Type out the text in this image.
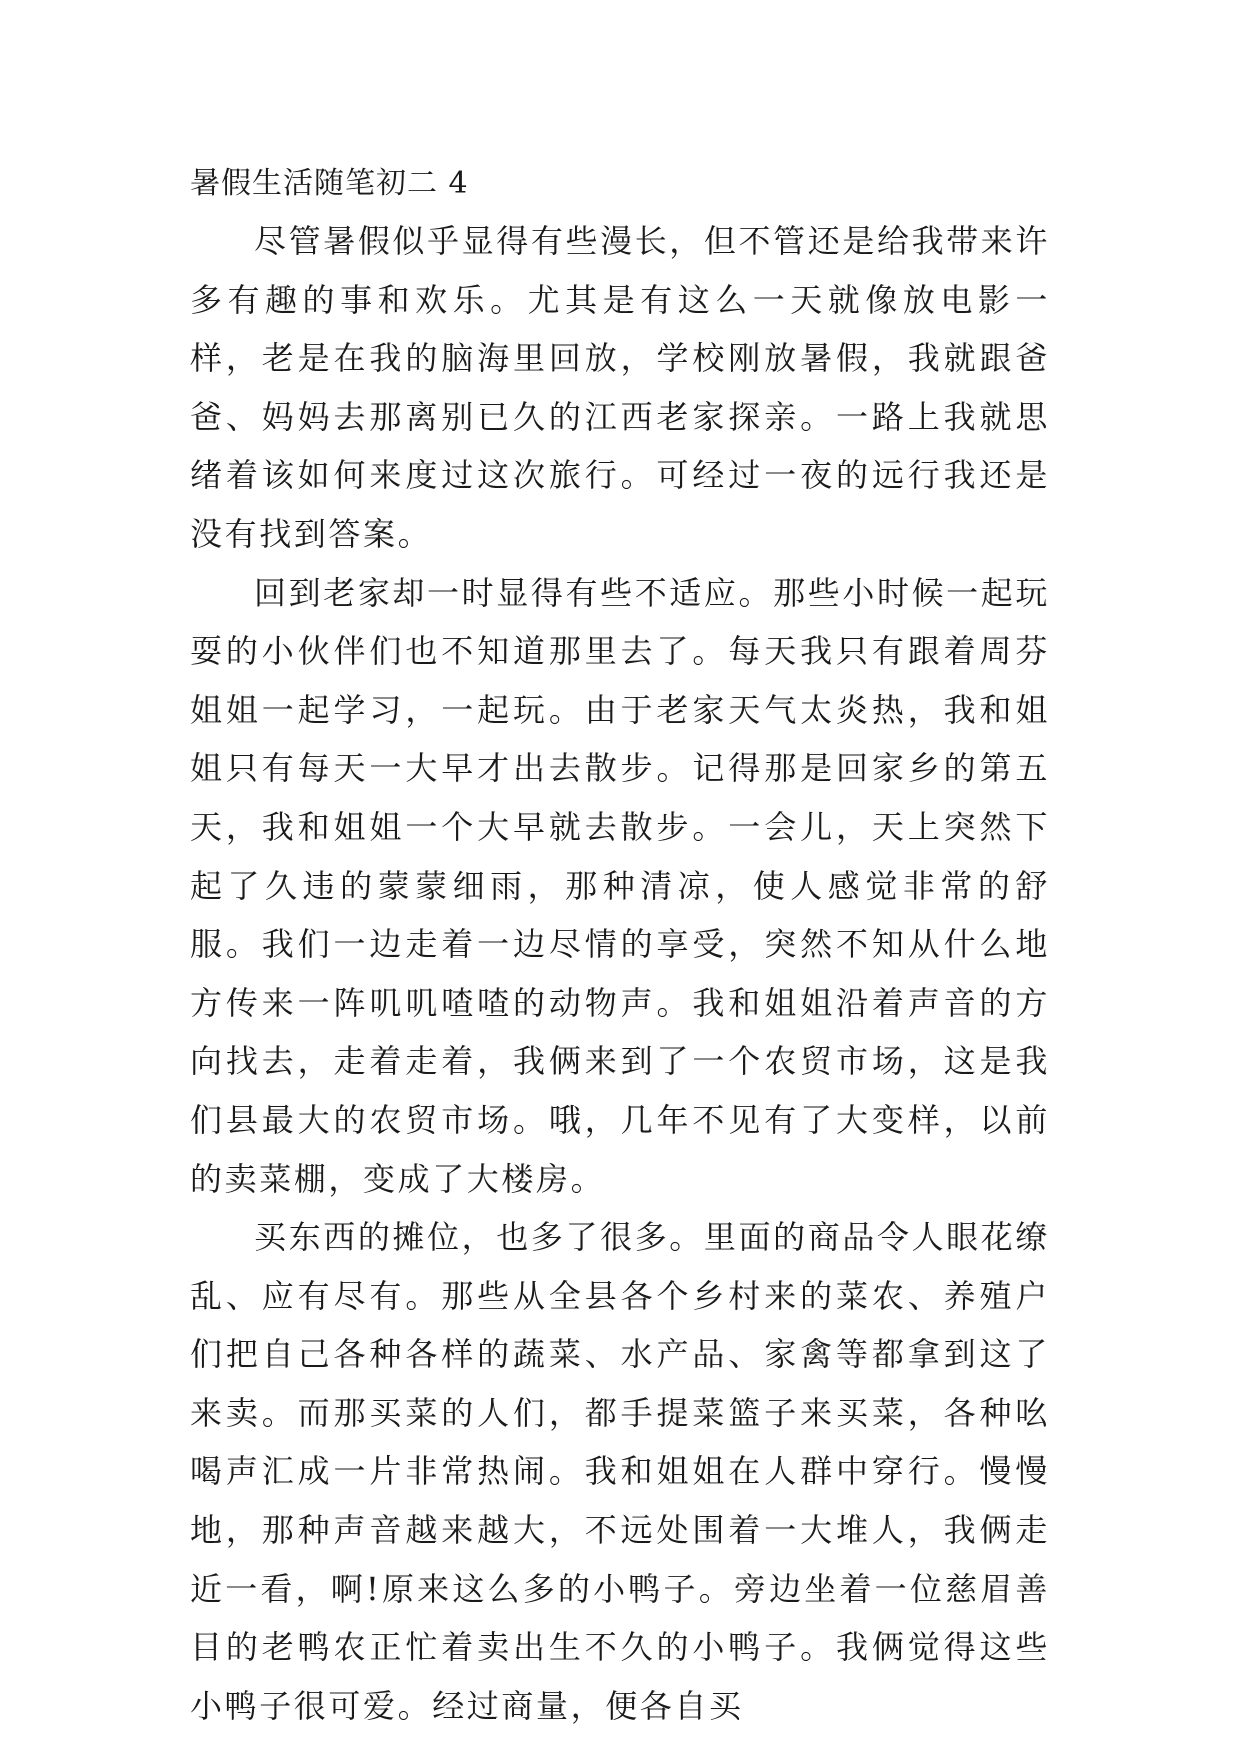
暑假生活随笔初二 4

尽管暑假似乎显得有些漫长，但不管还是给我带来许多有趣的事和欢乐。尤其是有这么一天就像放电影一样，老是在我的脑海里回放，学校刚放暑假，我就跟爸爸、妈妈去那离别已久的江西老家探亲。一路上我就思绪着该如何来度过这次旅行。可经过一夜的远行我还是没有找到答案。

回到老家却一时显得有些不适应。那些小时候一起玩耍的小伙伴们也不知道那里去了。每天我只有跟着周芬姐姐一起学习，一起玩。由于老家天气太炎热，我和姐姐只有每天一大早才出去散步。记得那是回家乡的第五天，我和姐姐一个大早就去散步。一会儿，天上突然下起了久违的蒙蒙细雨，那种清凉，使人感觉非常的舒服。我们一边走着一边尽情的享受，突然不知从什么地方传来一阵叽叽喳喳的动物声。我和姐姐沿着声音的方向找去，走着走着，我俩来到了一个农贸市场，这是我们县最大的农贸市场。哦，几年不见有了大变样，以前的卖菜棚，变成了大楼房。

买东西的摊位，也多了很多。里面的商品令人眼花缭乱、应有尽有。那些从全县各个乡村来的菜农、养殖户们把自己各种各样的蔬菜、水产品、家禽等都拿到这了来卖。而那买菜的人们，都手提菜篮子来买菜，各种吆喝声汇成一片非常热闹。我和姐姐在人群中穿行。慢慢地，那种声音越来越大，不远处围着一大堆人，我俩走近一看，啊!原来这么多的小鸭子。旁边坐着一位慈眉善目的老鸭农正忙着卖出生不久的小鸭子。我俩觉得这些小鸭子很可爱。经过商量，便各自买
